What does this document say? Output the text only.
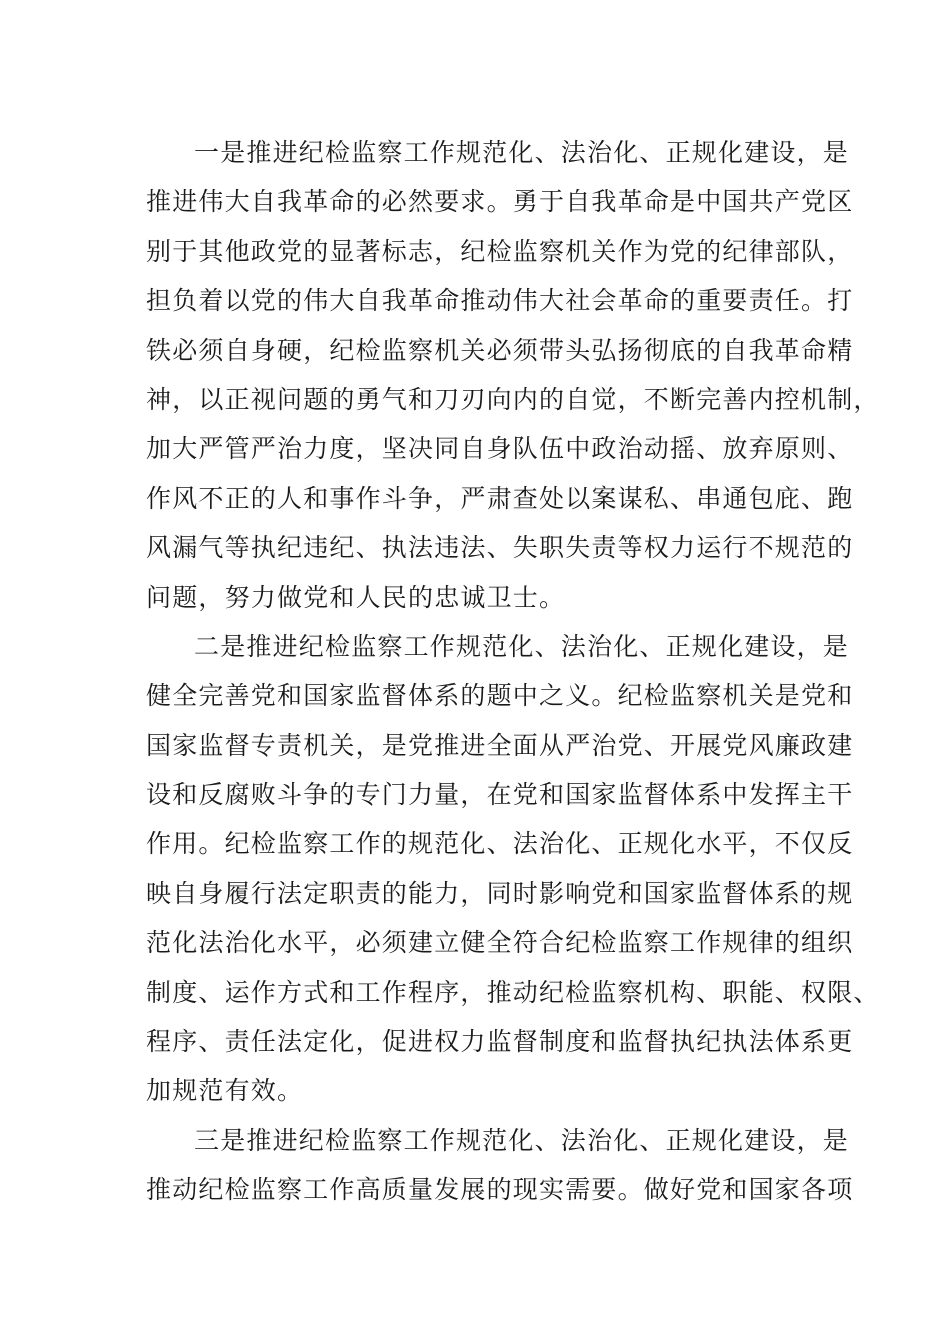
一是推进纪检监察工作规范化、法治化、正规化建设，是
推进伟大自我革命的必然要求。勇于自我革命是中国共产党区
别于其他政党的显著标志，纪检监察机关作为党的纪律部队，
担负着以党的伟大自我革命推动伟大社会革命的重要责任。打
铁必须自身硬，纪检监察机关必须带头弘扬彻底的自我革命精
神，以正视问题的勇气和刀刃向内的自觉，不断完善内控机制，
加大严管严治力度，坚决同自身队伍中政治动摇、放弃原则、
作风不正的人和事作斗争，严肃查处以案谋私、串通包庇、跑
风漏气等执纪违纪、执法违法、失职失责等权力运行不规范的
问题，努力做党和人民的忠诚卫士。
二是推进纪检监察工作规范化、法治化、正规化建设，是
健全完善党和国家监督体系的题中之义。纪检监察机关是党和
国家监督专责机关，是党推进全面从严治党、开展党风廉政建
设和反腐败斗争的专门力量，在党和国家监督体系中发挥主干
作用。纪检监察工作的规范化、法治化、正规化水平，不仅反
映自身履行法定职责的能力，同时影响党和国家监督体系的规
范化法治化水平，必须建立健全符合纪检监察工作规律的组织
制度、运作方式和工作程序，推动纪检监察机构、职能、权限、
程序、责任法定化，促进权力监督制度和监督执纪执法体系更
加规范有效。
三是推进纪检监察工作规范化、法治化、正规化建设，是
推动纪检监察工作高质量发展的现实需要。做好党和国家各项
